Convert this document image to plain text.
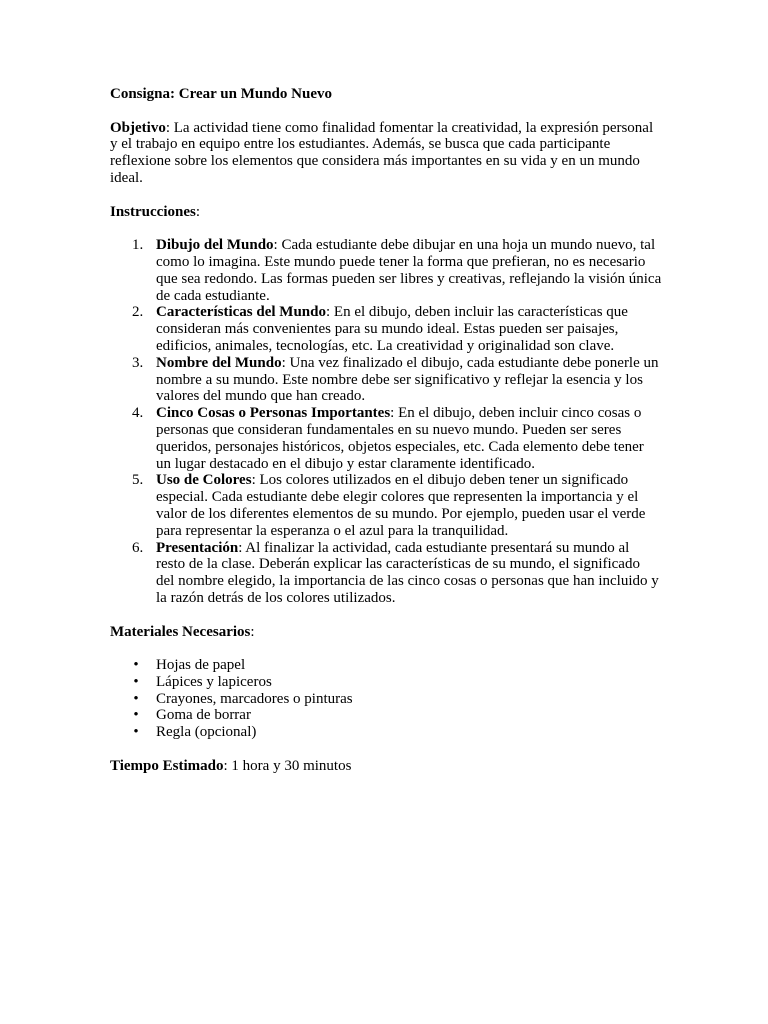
Consigna: Crear un Mundo Nuevo

Objetivo: La actividad tiene como finalidad fomentar la creatividad, la expresión personal y el trabajo en equipo entre los estudiantes. Además, se busca que cada participante reflexione sobre los elementos que considera más importantes en su vida y en un mundo ideal.

Instrucciones:

1. Dibujo del Mundo: Cada estudiante debe dibujar en una hoja un mundo nuevo, tal como lo imagina. Este mundo puede tener la forma que prefieran, no es necesario que sea redondo. Las formas pueden ser libres y creativas, reflejando la visión única de cada estudiante.
2. Características del Mundo: En el dibujo, deben incluir las características que consideran más convenientes para su mundo ideal. Estas pueden ser paisajes, edificios, animales, tecnologías, etc. La creatividad y originalidad son clave.
3. Nombre del Mundo: Una vez finalizado el dibujo, cada estudiante debe ponerle un nombre a su mundo. Este nombre debe ser significativo y reflejar la esencia y los valores del mundo que han creado.
4. Cinco Cosas o Personas Importantes: En el dibujo, deben incluir cinco cosas o personas que consideran fundamentales en su nuevo mundo. Pueden ser seres queridos, personajes históricos, objetos especiales, etc. Cada elemento debe tener un lugar destacado en el dibujo y estar claramente identificado.
5. Uso de Colores: Los colores utilizados en el dibujo deben tener un significado especial. Cada estudiante debe elegir colores que representen la importancia y el valor de los diferentes elementos de su mundo. Por ejemplo, pueden usar el verde para representar la esperanza o el azul para la tranquilidad.
6. Presentación: Al finalizar la actividad, cada estudiante presentará su mundo al resto de la clase. Deberán explicar las características de su mundo, el significado del nombre elegido, la importancia de las cinco cosas o personas que han incluido y la razón detrás de los colores utilizados.

Materiales Necesarios:

• Hojas de papel
• Lápices y lapiceros
• Crayones, marcadores o pinturas
• Goma de borrar
• Regla (opcional)

Tiempo Estimado: 1 hora y 30 minutos
